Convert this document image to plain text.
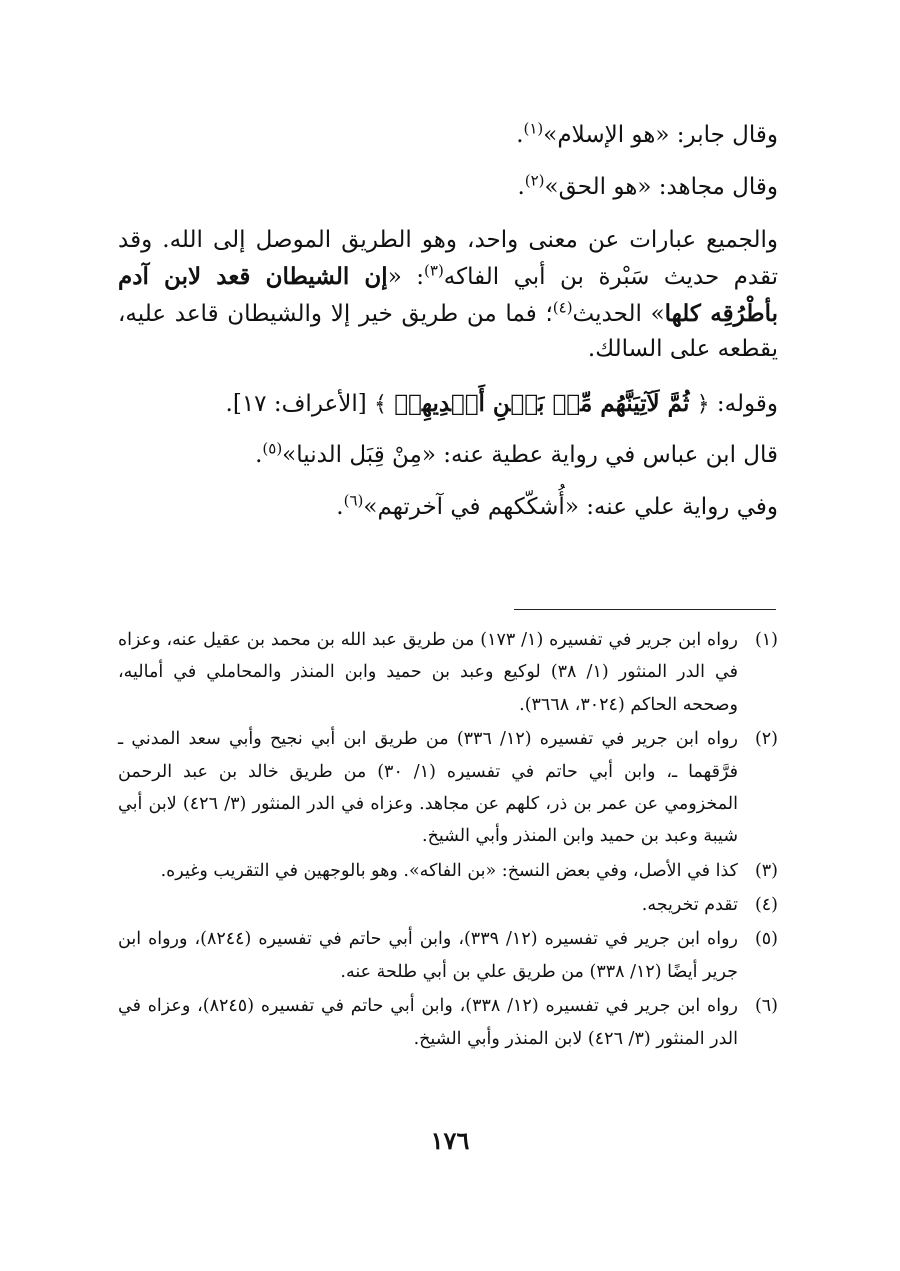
وقال جابر: «هو الإسلام»$^{(١)}$.

وقال مجاهد: «هو الحق»$^{(٢)}$.

والجميع عبارات عن معنى واحد، وهو الطريق الموصل إلى الله. وقد تقدم حديث سَبْرة بن أبي الفاكه$^{(٣)}$: «إن الشيطان قعد لابن آدم بأطْرُقِه كلها» الحديث$^{(٤)}$؛ فما من طريق خير إلا والشيطان قاعد عليه، يقطعه على السالك.

وقوله: ﴿ ثُمَّ لَآتِيَنَّهُم مِّنۢ بَيۡنِ أَيۡدِيهِمۡ ﴾ [الأعراف: ١٧].

قال ابن عباس في رواية عطية عنه: «مِنْ قِبَل الدنيا»$^{(٥)}$.

وفي رواية علي عنه: «أُشكّكهم في آخرتهم»$^{(٦)}$.

(١)
رواه ابن جرير في تفسيره (١/ ١٧٣) من طريق عبد الله بن محمد بن عقيل عنه، وعزاه في الدر المنثور (١/ ٣٨) لوكيع وعبد بن حميد وابن المنذر والمحاملي في أماليه، وصححه الحاكم (٣٠٢٤، ٣٦٦٨).
(٢)
رواه ابن جرير في تفسيره (١٢/ ٣٣٦) من طريق ابن أبي نجيح وأبي سعد المدني ـ فرَّقهما ـ، وابن أبي حاتم في تفسيره (١/ ٣٠) من طريق خالد بن عبد الرحمن المخزومي عن عمر بن ذر، كلهم عن مجاهد. وعزاه في الدر المنثور (٣/ ٤٢٦) لابن أبي شيبة وعبد بن حميد وابن المنذر وأبي الشيخ.
(٣)
كذا في الأصل، وفي بعض النسخ: «بن الفاكه». وهو بالوجهين في التقريب وغيره.
(٤)
تقدم تخريجه.
(٥)
رواه ابن جرير في تفسيره (١٢/ ٣٣٩)، وابن أبي حاتم في تفسيره (٨٢٤٤)، ورواه ابن جرير أيضًا (١٢/ ٣٣٨) من طريق علي بن أبي طلحة عنه.
(٦)
رواه ابن جرير في تفسيره (١٢/ ٣٣٨)، وابن أبي حاتم في تفسيره (٨٢٤٥)، وعزاه في الدر المنثور (٣/ ٤٢٦) لابن المنذر وأبي الشيخ.
١٧٦
